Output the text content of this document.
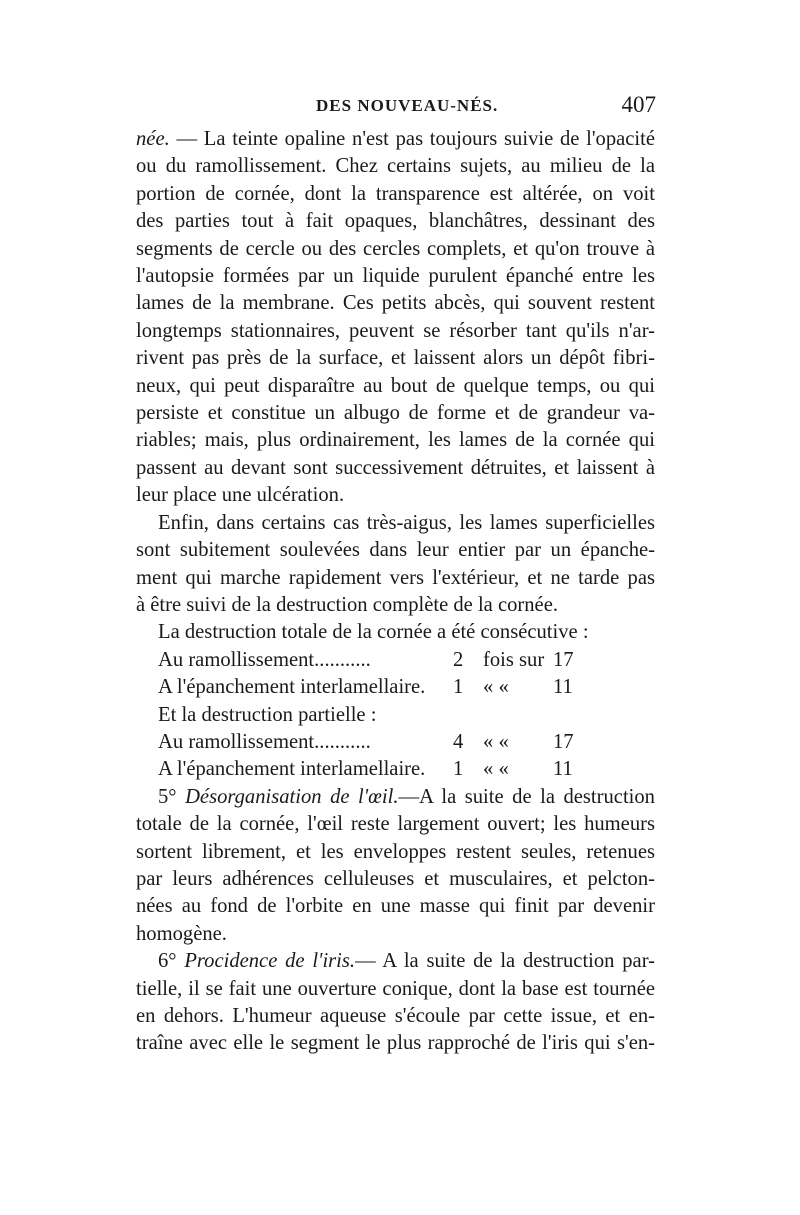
DES NOUVEAU-NÉS.	407
née. — La teinte opaline n'est pas toujours suivie de l'opacité
ou du ramollissement. Chez certains sujets, au milieu de la
portion de cornée, dont la transparence est altérée, on voit
des parties tout à fait opaques, blanchâtres, dessinant des
segments de cercle ou des cercles complets, et qu'on trouve à
l'autopsie formées par un liquide purulent épanché entre les
lames de la membrane. Ces petits abcès, qui souvent restent
longtemps stationnaires, peuvent se résorber tant qu'ils n'ar-
rivent pas près de la surface, et laissent alors un dépôt fibri-
neux, qui peut disparaître au bout de quelque temps, ou qui
persiste et constitue un albugo de forme et de grandeur va-
riables; mais, plus ordinairement, les lames de la cornée qui
passent au devant sont successivement détruites, et laissent à
leur place une ulcération.
Enfin, dans certains cas très-aigus, les lames superficielles
sont subitement soulevées dans leur entier par un épanche-
ment qui marche rapidement vers l'extérieur, et ne tarde pas
à être suivi de la destruction complète de la cornée.
La destruction totale de la cornée a été consécutive :
Au ramollissement...........	2 fois sur 17
A l'épanchement interlamellaire. 1 « « 11
Et la destruction partielle :
Au ramollissement...........	4 « « 17
A l'épanchement interlamellaire. 1 « « 11
5° Désorganisation de l'œil.—A la suite de la destruction
totale de la cornée, l'œil reste largement ouvert; les humeurs
sortent librement, et les enveloppes restent seules, retenues
par leurs adhérences celluleuses et musculaires, et pelcton-
nées au fond de l'orbite en une masse qui finit par devenir
homogène.
6° Procidence de l'iris.— A la suite de la destruction par-
tielle, il se fait une ouverture conique, dont la base est tournée
en dehors. L'humeur aqueuse s'écoule par cette issue, et en-
traîne avec elle le segment le plus rapproché de l'iris qui s'en-
